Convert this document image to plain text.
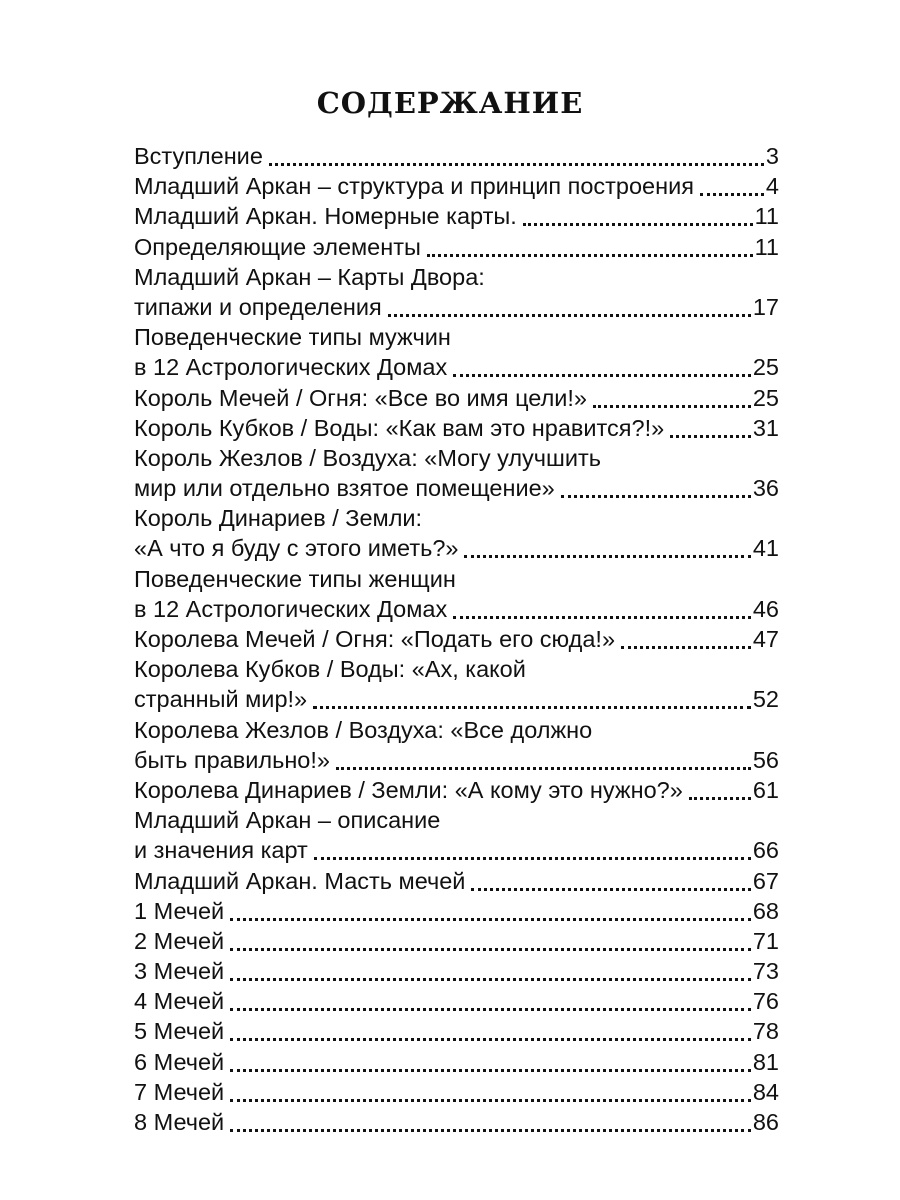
СОДЕРЖАНИЕ
Вступление	3
Младший Аркан – структура и принцип построения	4
Младший Аркан. Номерные карты.	11
Определяющие элементы	11
Младший Аркан – Карты Двора:
типажи и определения	17
Поведенческие типы мужчин
в 12 Астрологических Домах	25
Король Мечей / Огня: «Все во имя цели!»	25
Король Кубков / Воды: «Как вам это нравится?!»	31
Король Жезлов / Воздуха: «Могу улучшить
мир или отдельно взятое помещение»	36
Король Динариев / Земли:
«А что я буду с этого иметь?»	41
Поведенческие типы женщин
в 12 Астрологических Домах	46
Королева Мечей / Огня: «Подать его сюда!»	47
Королева Кубков / Воды: «Ах, какой
странный мир!»	52
Королева Жезлов / Воздуха: «Все должно
быть правильно!»	56
Королева Динариев / Земли: «А кому это нужно?»	61
Младший Аркан – описание
и значения карт	66
Младший Аркан. Масть мечей	67
1 Мечей	68
2 Мечей	71
3 Мечей	73
4 Мечей	76
5 Мечей	78
6 Мечей	81
7 Мечей	84
8 Мечей	86
